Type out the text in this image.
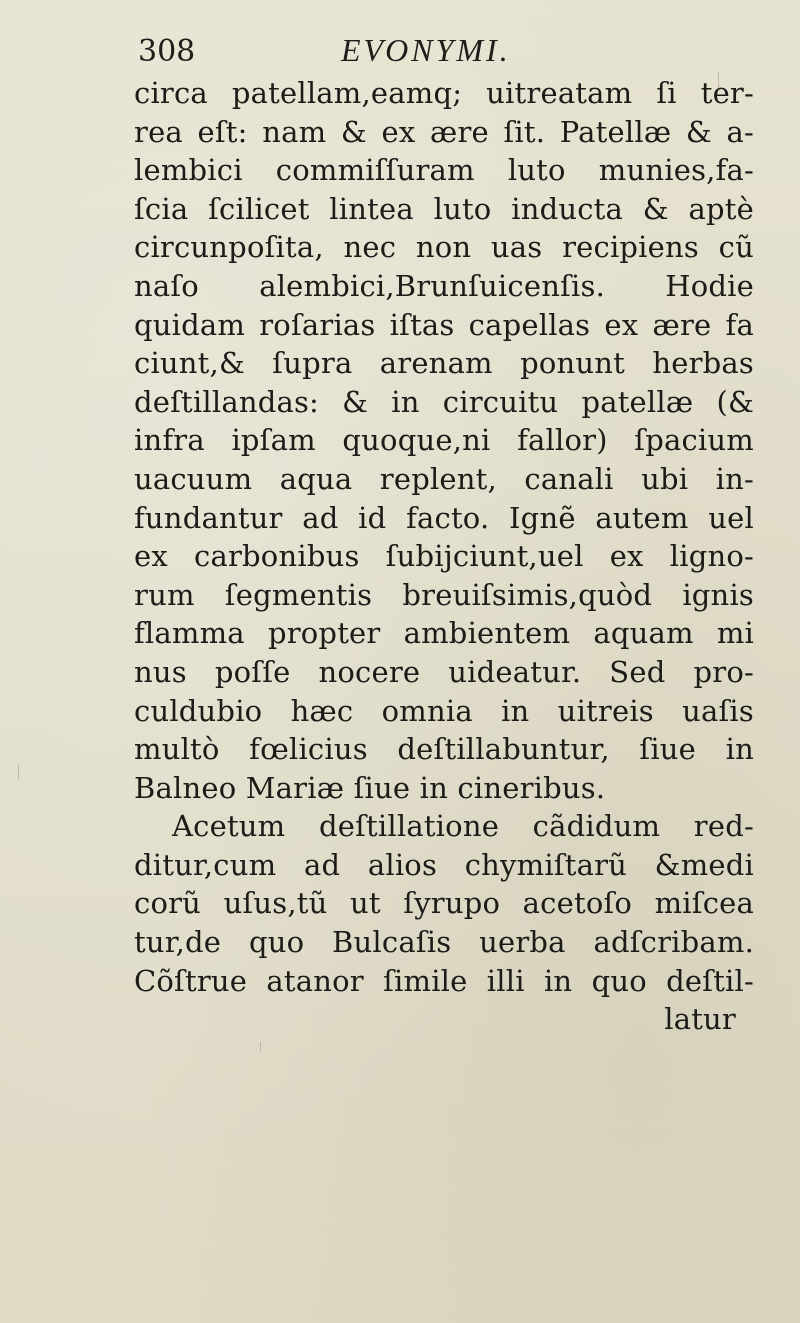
308	EVONYMI.
circa patellam,eamq; uitreatam ſi ter-
rea eſt: nam & ex ære ſit. Patellæ & a-
lembici commiſſuram luto munies,fa-
ſcia ſcilicet lintea luto inducta & aptè
circunpoſita, nec non uas recipiens cũ
naſo alembici,Brunſuicenſis. Hodie
quidam roſarias iſtas capellas ex ære fa
ciunt,& ſupra arenam ponunt herbas
deſtillandas: & in circuitu patellæ (&
infra ipſam quoque,ni fallor) ſpacium
uacuum aqua replent, canali ubi in-
fundantur ad id facto. Ignẽ autem uel
ex carbonibus ſubijciunt,uel ex ligno-
rum ſegmentis breuiſsimis,quòd ignis
flamma propter ambientem aquam mi
nus poſſe nocere uideatur. Sed pro-
culdubio hæc omnia in uitreis uaſis
multò fœlicius deſtillabuntur, ſiue in
Balneo Mariæ ſiue in cineribus.
Acetum deſtillatione cãdidum red-
ditur,cum ad alios chymiſtarũ &medi
corũ uſus,tũ ut ſyrupo acetoſo miſcea
tur,de quo Bulcaſis uerba adſcribam.
Cõſtrue atanor ſimile illi in quo deſtil-
latur
